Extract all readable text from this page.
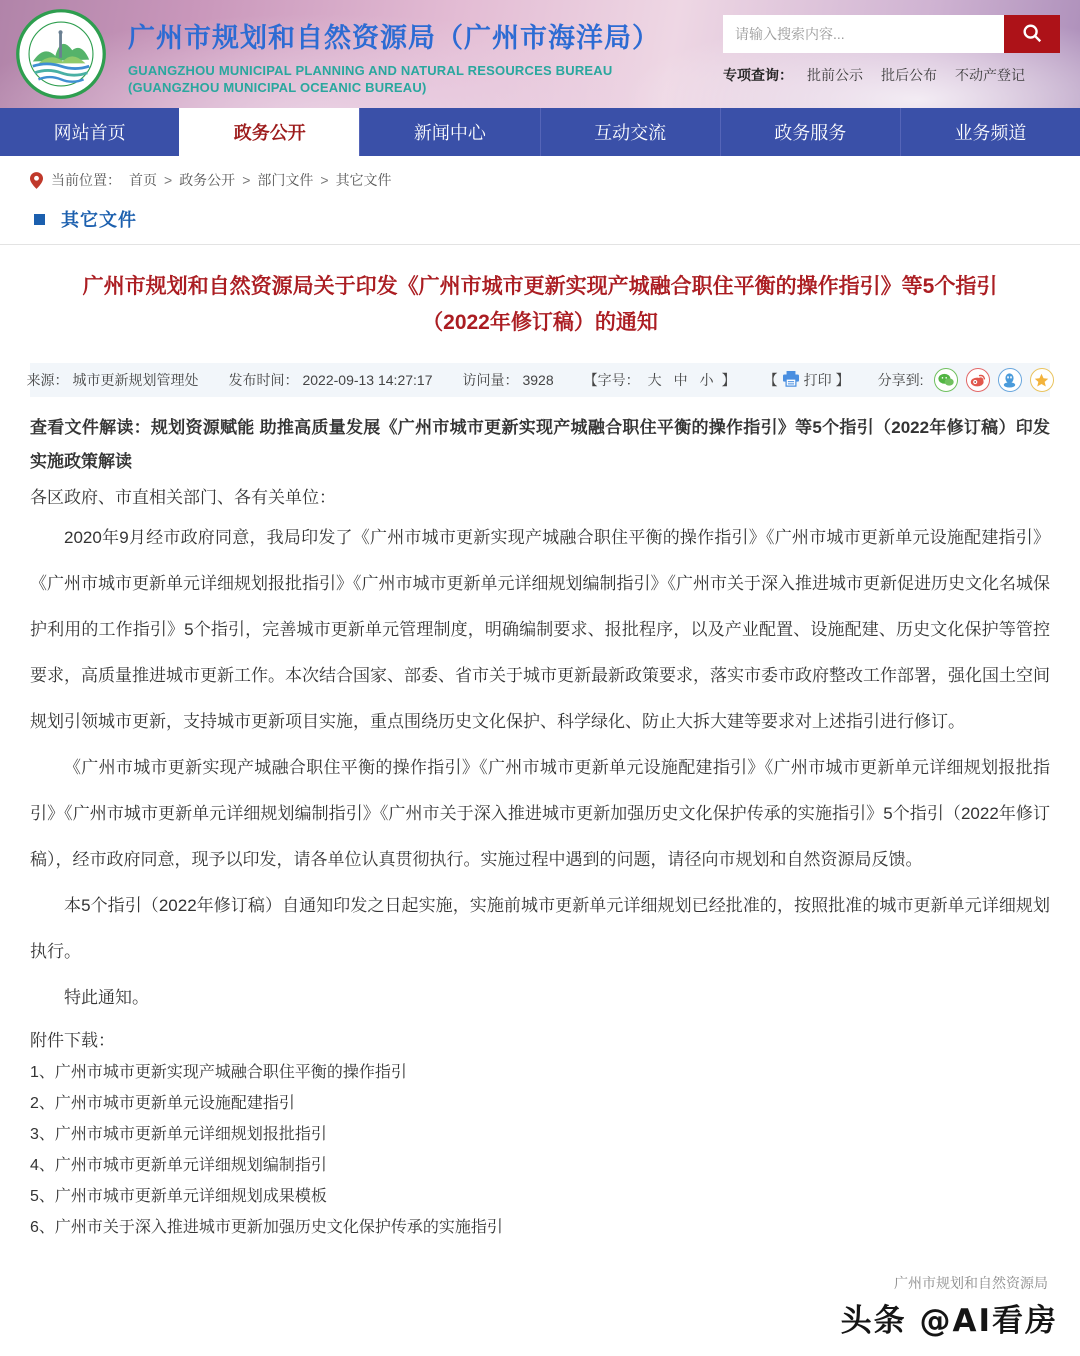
广州市规划和自然资源局（广州市海洋局）
GUANGZHOU MUNICIPAL PLANNING AND NATURAL RESOURCES BUREAU
(GUANGZHOU MUNICIPAL OCEANIC BUREAU)
请输入搜索内容...
专项查询： 批前公示 批后公布 不动产登记
网站首页	政务公开	新闻中心	互动交流	政务服务	业务频道
当前位置： 首页 > 政务公开 > 部门文件 > 其它文件
其它文件
广州市规划和自然资源局关于印发《广州市城市更新实现产城融合职住平衡的操作指引》等5个指引（2022年修订稿）的通知
来源： 城市更新规划管理处 发布时间： 2022-09-13 14:27:17 访问量： 3928 【字号： 大 中 小 】 【 打印 】 分享到:

查看文件解读：规划资源赋能 助推高质量发展《广州市城市更新实现产城融合职住平衡的操作指引》等5个指引（2022年修订稿）印发实施政策解读

各区政府、市直相关部门、各有关单位：

2020年9月经市政府同意，我局印发了《广州市城市更新实现产城融合职住平衡的操作指引》《广州市城市更新单元设施配建指引》《广州市城市更新单元详细规划报批指引》《广州市城市更新单元详细规划编制指引》《广州市关于深入推进城市更新促进历史文化名城保护利用的工作指引》5个指引，完善城市更新单元管理制度，明确编制要求、报批程序，以及产业配置、设施配建、历史文化保护等管控要求，高质量推进城市更新工作。本次结合国家、部委、省市关于城市更新最新政策要求，落实市委市政府整改工作部署，强化国土空间规划引领城市更新，支持城市更新项目实施，重点围绕历史文化保护、科学绿化、防止大拆大建等要求对上述指引进行修订。

《广州市城市更新实现产城融合职住平衡的操作指引》《广州市城市更新单元设施配建指引》《广州市城市更新单元详细规划报批指引》《广州市城市更新单元详细规划编制指引》《广州市关于深入推进城市更新加强历史文化保护传承的实施指引》5个指引（2022年修订稿），经市政府同意，现予以印发，请各单位认真贯彻执行。实施过程中遇到的问题，请径向市规划和自然资源局反馈。

本5个指引（2022年修订稿）自通知印发之日起实施，实施前城市更新单元详细规划已经批准的，按照批准的城市更新单元详细规划执行。

特此通知。

附件下载：

1、广州市城市更新实现产城融合职住平衡的操作指引
2、广州市城市更新单元设施配建指引
3、广州市城市更新单元详细规划报批指引
4、广州市城市更新单元详细规划编制指引
5、广州市城市更新单元详细规划成果模板
6、广州市关于深入推进城市更新加强历史文化保护传承的实施指引
广州市规划和自然资源局
头条 @AI看房
